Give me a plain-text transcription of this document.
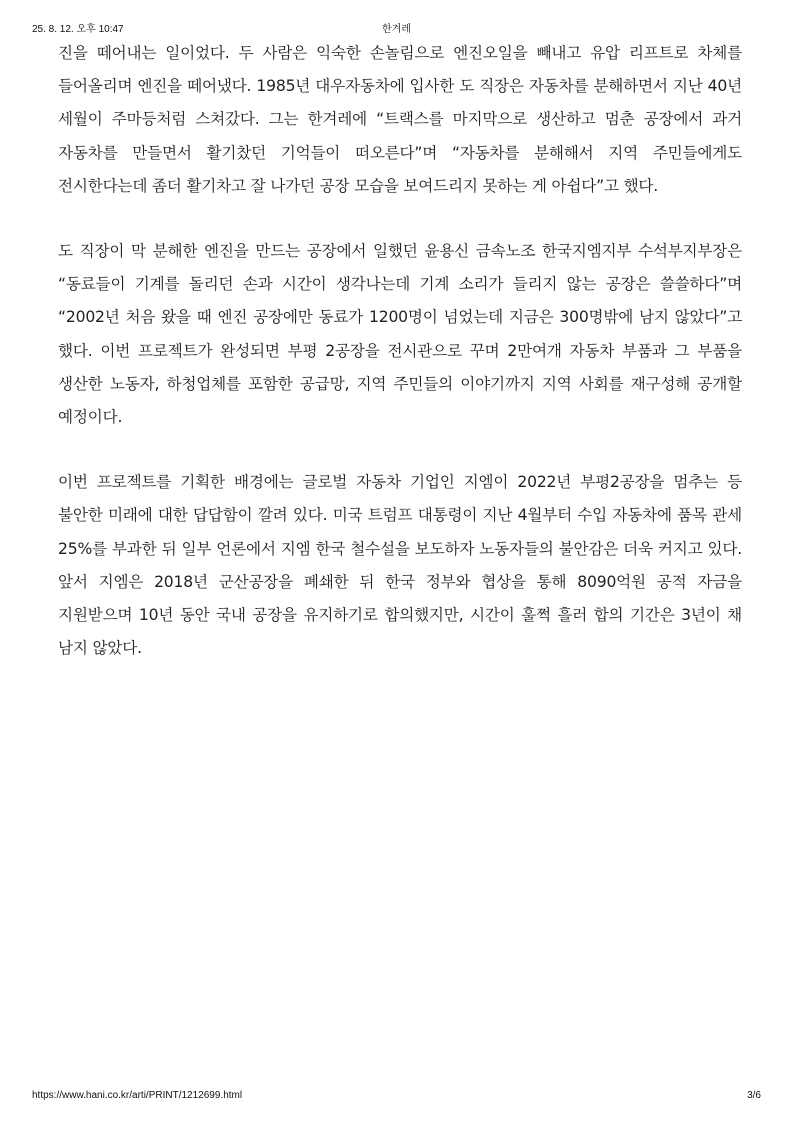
25. 8. 12. 오후 10:47	한겨레

진을 떼어내는 일이었다. 두 사람은 익숙한 손놀림으로 엔진오일을 빼내고 유압 리프트로 차체를 들어올리며 엔진을 떼어냈다. 1985년 대우자동차에 입사한 도 직장은 자동차를 분해하면서 지난 40년 세월이 주마등처럼 스쳐갔다. 그는 한겨레에 “트랙스를 마지막으로 생산하고 멈춘 공장에서 과거 자동차를 만들면서 활기찼던 기억들이 떠오른다”며 “자동차를 분해해서 지역 주민들에게도 전시한다는데 좀더 활기차고 잘 나가던 공장 모습을 보여드리지 못하는 게 아쉽다”고 했다.

도 직장이 막 분해한 엔진을 만드는 공장에서 일했던 윤용신 금속노조 한국지엠지부 수석부지부장은 “동료들이 기계를 돌리던 손과 시간이 생각나는데 기계 소리가 들리지 않는 공장은 쓸쓸하다”며 “2002년 처음 왔을 때 엔진 공장에만 동료가 1200명이 넘었는데 지금은 300명밖에 남지 않았다”고 했다. 이번 프로젝트가 완성되면 부평 2공장을 전시관으로 꾸며 2만여개 자동차 부품과 그 부품을 생산한 노동자, 하청업체를 포함한 공급망, 지역 주민들의 이야기까지 지역 사회를 재구성해 공개할 예정이다.

이번 프로젝트를 기획한 배경에는 글로벌 자동차 기업인 지엠이 2022년 부평2공장을 멈추는 등 불안한 미래에 대한 답답함이 깔려 있다. 미국 트럼프 대통령이 지난 4월부터 수입 자동차에 품목 관세 25%를 부과한 뒤 일부 언론에서 지엠 한국 철수설을 보도하자 노동자들의 불안감은 더욱 커지고 있다. 앞서 지엠은 2018년 군산공장을 폐쇄한 뒤 한국 정부와 협상을 통해 8090억원 공적 자금을 지원받으며 10년 동안 국내 공장을 유지하기로 합의했지만, 시간이 훌쩍 흘러 합의 기간은 3년이 채 남지 않았다.

https://www.hani.co.kr/arti/PRINT/1212699.html	3/6
